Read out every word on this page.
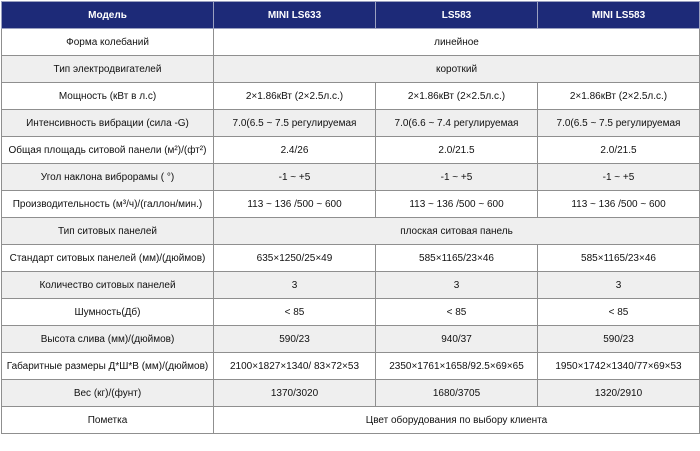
Модель	MINI LS633	LS583	MINI LS583
Форма колебаний	линейное		
Тип электродвигателей	короткий		
Мощность (кВт в л.с)	2×1.86кВт (2×2.5л.с.)	2×1.86кВт (2×2.5л.с.)	2×1.86кВт (2×2.5л.с.)
Интенсивность вибрации (сила -G)	7.0(6.5 ~ 7.5 регулируемая	7.0(6.6 ~ 7.4 регулируемая	7.0(6.5 ~ 7.5 регулируемая
Общая площадь ситовой панели (м²)/(фт²)	2.4/26	2.0/21.5	2.0/21.5
Угол наклона виброрамы ( °)	-1 ~ +5	-1 ~ +5	-1 ~ +5
Производительность (м³/ч)/(галлон/мин.)	113 ~ 136 /500 ~ 600	113 ~ 136 /500 ~ 600	113 ~ 136 /500 ~ 600
Тип ситовых панелей	плоская ситовая панель		
Стандарт ситовых панелей (мм)/(дюймов)	635×1250/25×49	585×1165/23×46	585×1165/23×46
Количество ситовых панелей	3	3	3
Шумность(Дб)	< 85	< 85	< 85
Высота слива (мм)/(дюймов)	590/23	940/37	590/23
Габаритные размеры Д*Ш*В (мм)/(дюймов)	2100×1827×1340/ 83×72×53	2350×1761×1658/92.5×69×65	1950×1742×1340/77×69×53
Вес (кг)/(фунт)	1370/3020	1680/3705	1320/2910
Пометка	Цвет оборудования по выбору клиента		
